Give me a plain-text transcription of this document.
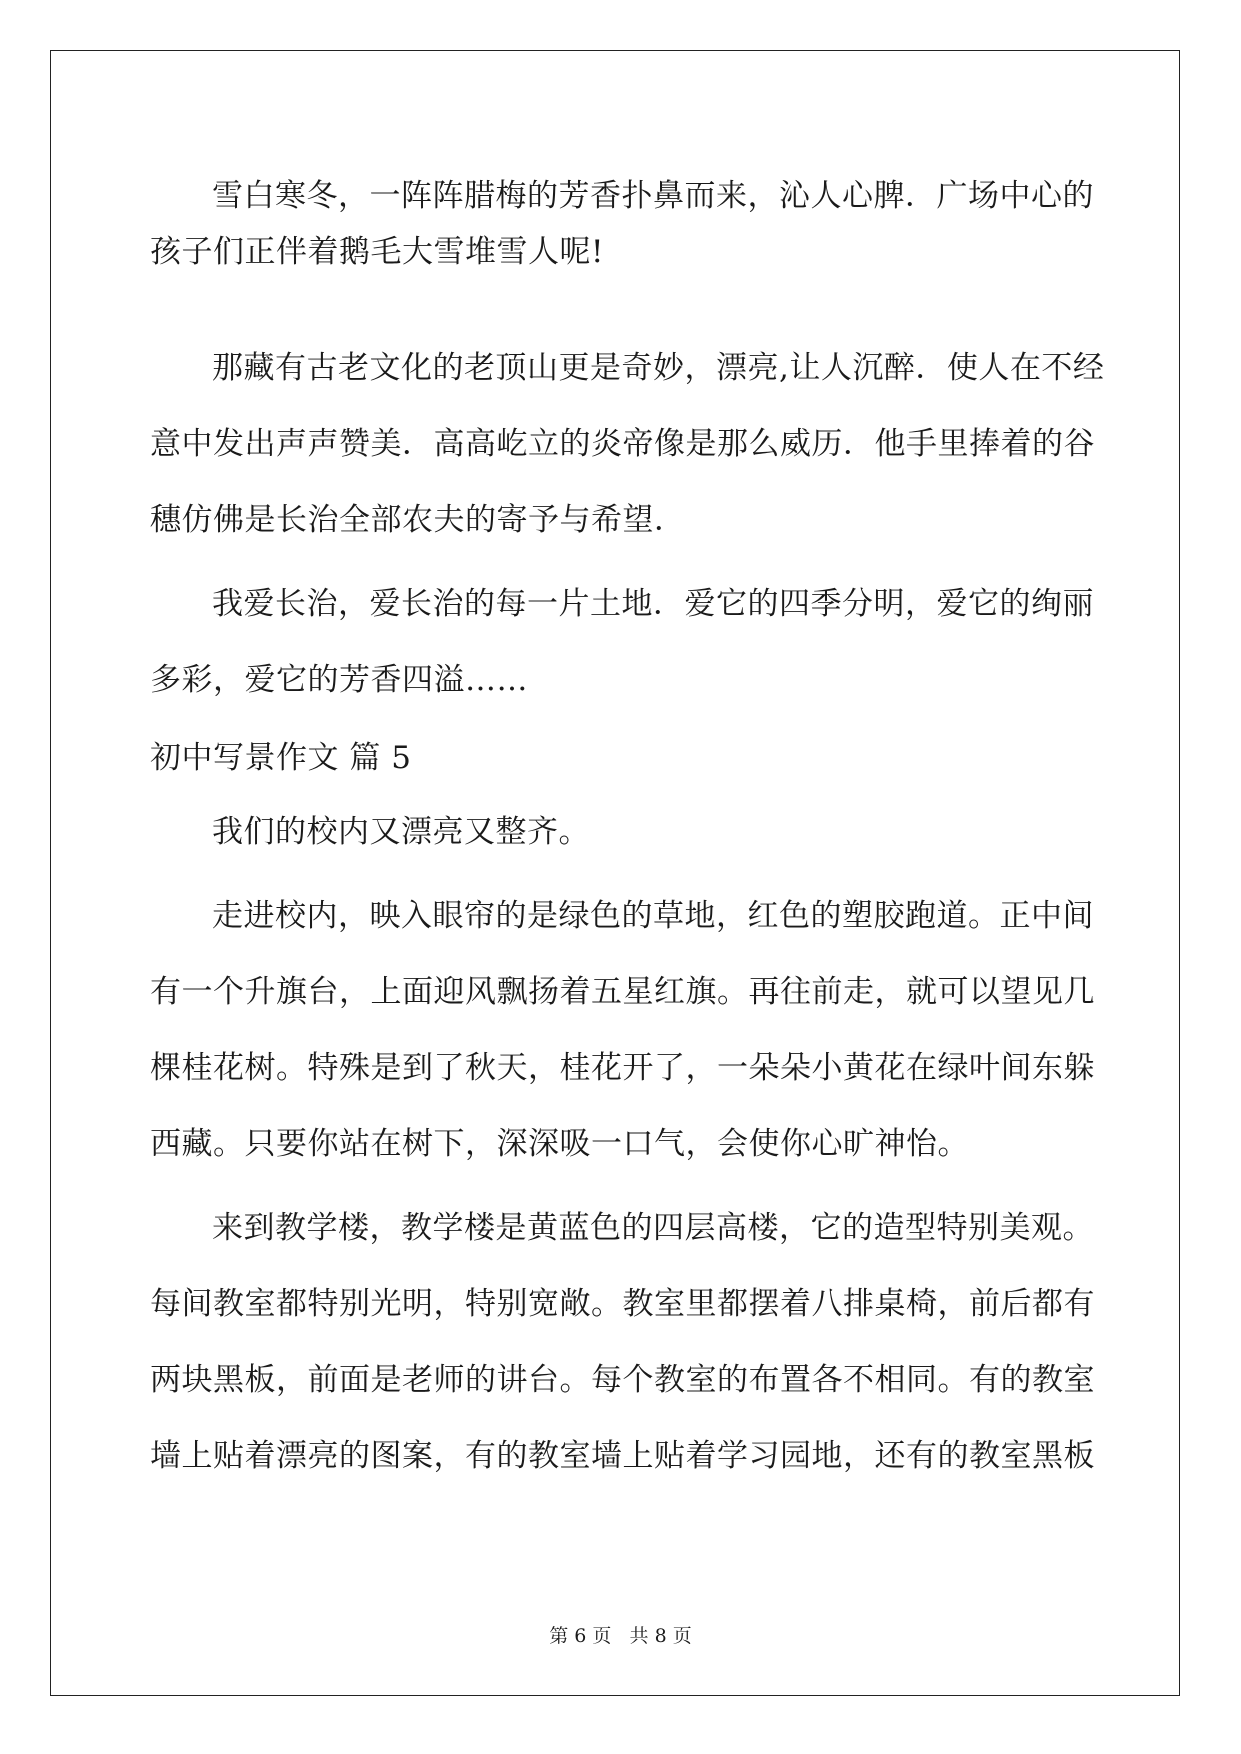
雪白寒冬，一阵阵腊梅的芳香扑鼻而来，沁人心脾．广场中心的
孩子们正伴着鹅毛大雪堆雪人呢!
那藏有古老文化的老顶山更是奇妙，漂亮,让人沉醉．使人在不经
意中发出声声赞美．高高屹立的炎帝像是那么威历．他手里捧着的谷
穗仿佛是长治全部农夫的寄予与希望．
我爱长治，爱长治的每一片土地．爱它的四季分明，爱它的绚丽
多彩，爱它的芳香四溢……
初中写景作文 篇 5
我们的校内又漂亮又整齐。
走进校内，映入眼帘的是绿色的草地，红色的塑胶跑道。正中间
有一个升旗台，上面迎风飘扬着五星红旗。再往前走，就可以望见几
棵桂花树。特殊是到了秋天，桂花开了，一朵朵小黄花在绿叶间东躲
西藏。只要你站在树下，深深吸一口气，会使你心旷神怡。
来到教学楼，教学楼是黄蓝色的四层高楼，它的造型特别美观。
每间教室都特别光明，特别宽敞。教室里都摆着八排桌椅，前后都有
两块黑板，前面是老师的讲台。每个教室的布置各不相同。有的教室
墙上贴着漂亮的图案，有的教室墙上贴着学习园地，还有的教室黑板
第 6 页   共 8 页
